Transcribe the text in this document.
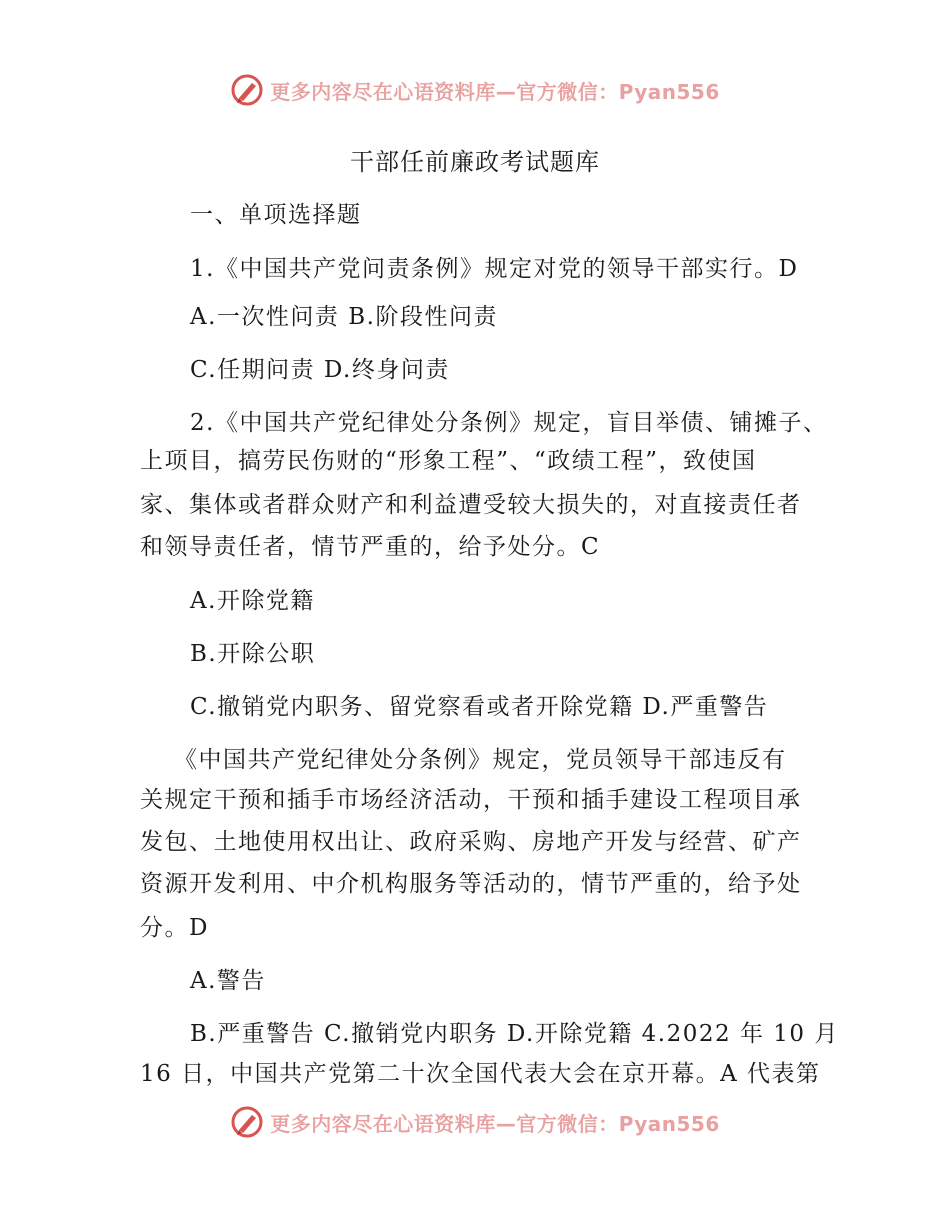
更多内容尽在心语资料库—官方微信：Pyan556
干部任前廉政考试题库
一、单项选择题
1.《中国共产党问责条例》规定对党的领导干部实行。D
A.一次性问责 B.阶段性问责
C.任期问责 D.终身问责
2.《中国共产党纪律处分条例》规定，盲目举债、铺摊子、
上项目，搞劳民伤财的“形象工程”、“政绩工程”，致使国
家、集体或者群众财产和利益遭受较大损失的，对直接责任者
和领导责任者，情节严重的，给予处分。C
A.开除党籍
B.开除公职
C.撤销党内职务、留党察看或者开除党籍 D.严重警告
《中国共产党纪律处分条例》规定，党员领导干部违反有
关规定干预和插手市场经济活动，干预和插手建设工程项目承
发包、土地使用权出让、政府采购、房地产开发与经营、矿产
资源开发利用、中介机构服务等活动的，情节严重的，给予处
分。D
A.警告
B.严重警告 C.撤销党内职务 D.开除党籍 4.2022 年 10 月
16 日，中国共产党第二十次全国代表大会在京开幕。A 代表第
更多内容尽在心语资料库—官方微信：Pyan556
